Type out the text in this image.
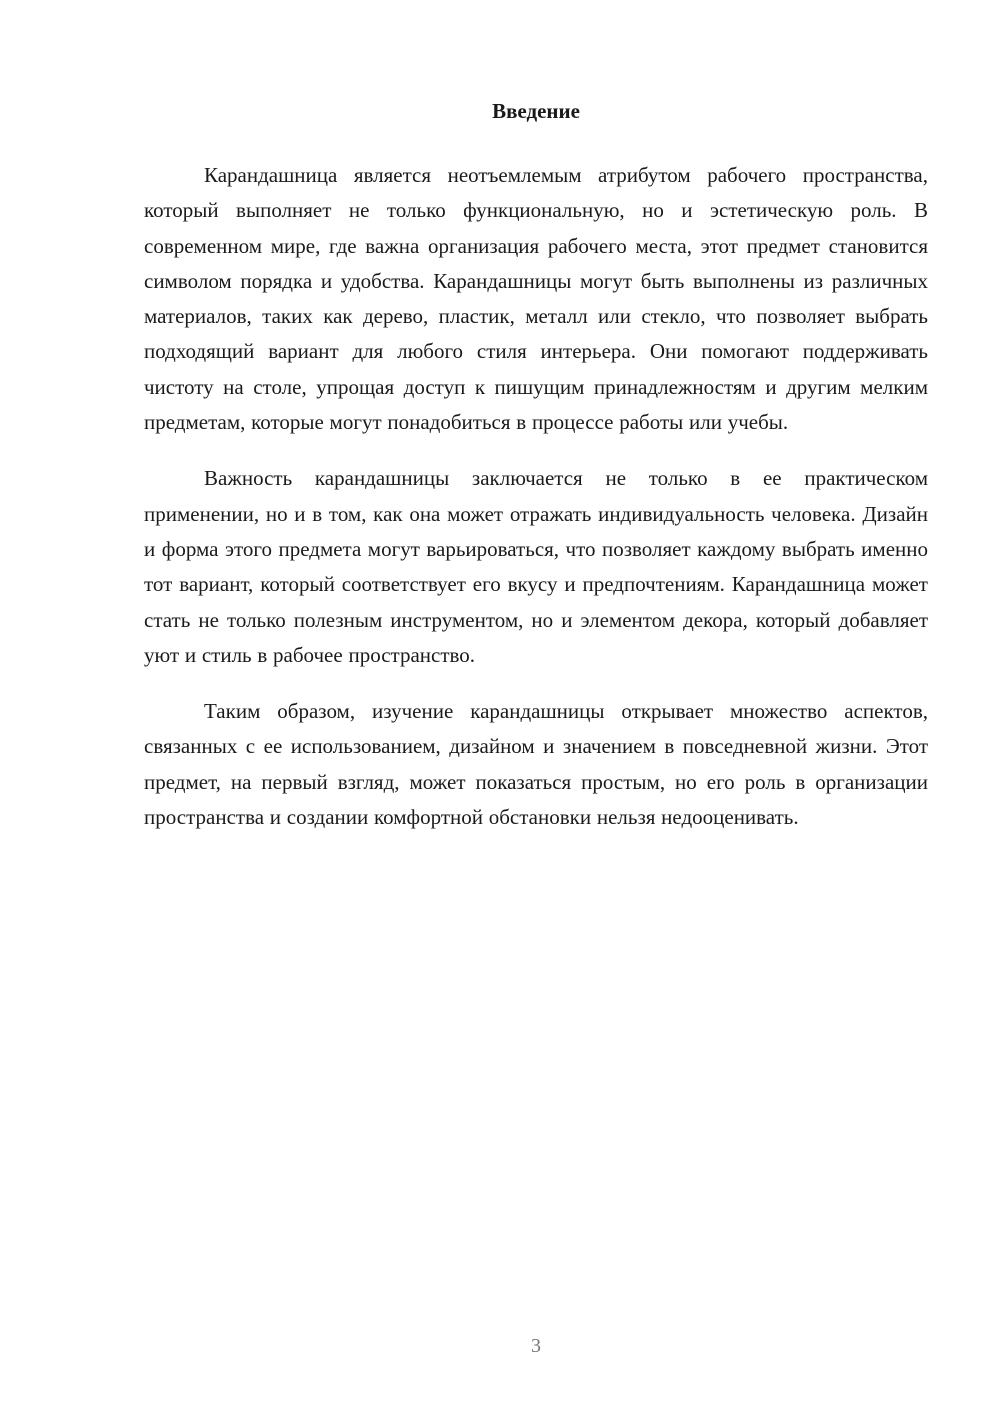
Введение

Карандашница является неотъемлемым атрибутом рабочего пространства, который выполняет не только функциональную, но и эстетическую роль. В современном мире, где важна организация рабочего места, этот предмет становится символом порядка и удобства. Карандашницы могут быть выполнены из различных материалов, таких как дерево, пластик, металл или стекло, что позволяет выбрать подходящий вариант для любого стиля интерьера. Они помогают поддерживать чистоту на столе, упрощая доступ к пишущим принадлежностям и другим мелким предметам, которые могут понадобиться в процессе работы или учебы.

Важность карандашницы заключается не только в ее практическом применении, но и в том, как она может отражать индивидуальность человека. Дизайн и форма этого предмета могут варьироваться, что позволяет каждому выбрать именно тот вариант, который соответствует его вкусу и предпочтениям. Карандашница может стать не только полезным инструментом, но и элементом декора, который добавляет уют и стиль в рабочее пространство.

Таким образом, изучение карандашницы открывает множество аспектов, связанных с ее использованием, дизайном и значением в повседневной жизни. Этот предмет, на первый взгляд, может показаться простым, но его роль в организации пространства и создании комфортной обстановки нельзя недооценивать.

3
